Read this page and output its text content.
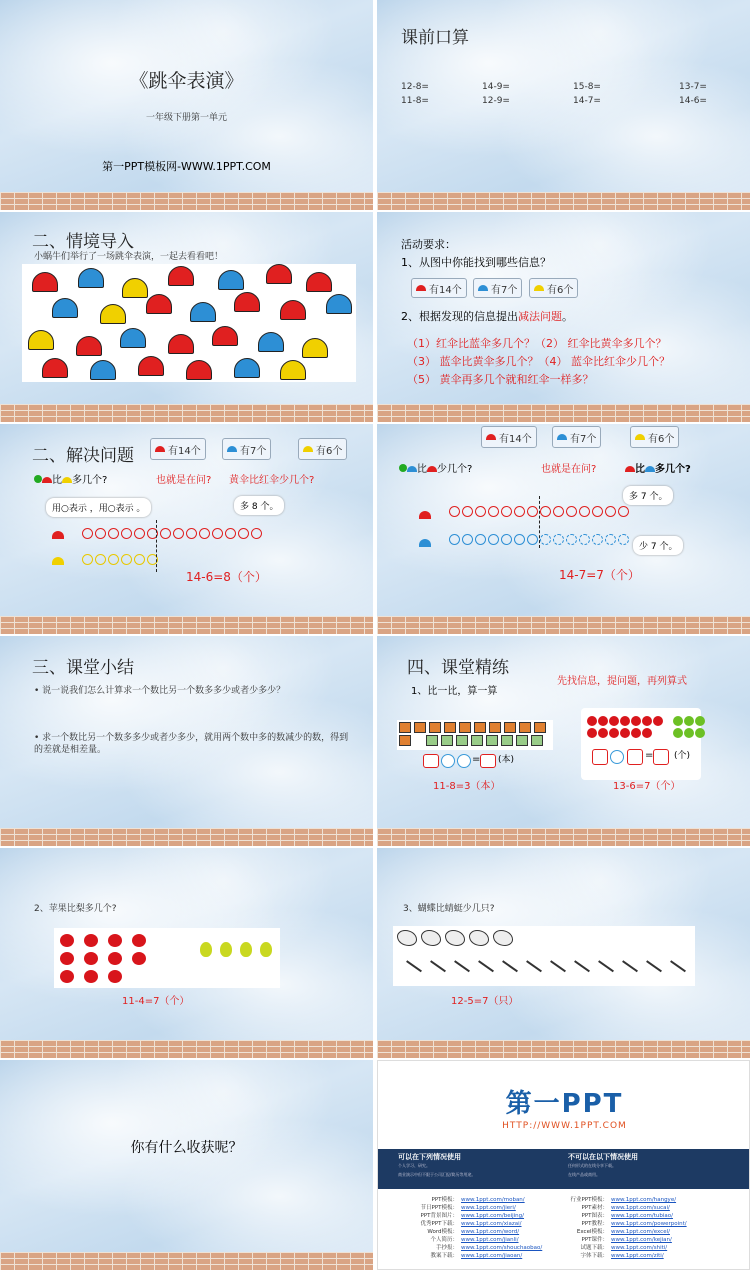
《跳伞表演》
一年级下册第一单元
第一PPT模板网-WWW.1PPT.COM
课前口算
12-8=	14-9=	15-8=	13-7=
11-8=	12-9=	14-7=	14-6=
二、情境导入
小蜗牛们举行了一场跳伞表演，一起去看看吧！
活动要求：
1、从图中你能找到哪些信息？
有14个	有7个	有6个
2、根据发现的信息提出减法问题。
（1）红伞比蓝伞多几个？（2） 红伞比黄伞多几个？
（3） 蓝伞比黄伞多几个？（4） 蓝伞比红伞少几个？
（5） 黄伞再多几个就和红伞一样多？
二、解决问题	有14个	有7个	有6个
比 多几个?	也就是在问? 黄伞比红伞少几个?
用○表示 ，用○表示 。	多 8 个。
14-6=8（个）
有14个	有7个	有6个
比 少几个?	也就是在问?	比 多几个?
多 7 个。
少 7 个。
14-7=7（个）
三、课堂小结
• 说一说我们怎么计算求一个数比另一个数多多少或者少多少？
• 求一个数比另一个数多多少或者少多少，就用两个数中多的数减少的数，得到的差就是相差量。
四、课堂精练
先找信息，提问题，再列算式
1、比一比，算一算
= (本)
11-8=3（本）
= (个)
13-6=7（个）
2、苹果比梨多几个?
11-4=7（个）
3、蝴蝶比蜻蜓少几只?
12-5=7（只）
你有什么收获呢？
第一PPT
HTTP://WWW.1PPT.COM
可以在下列情况使用
个人学习、研究。
商业演示中但不限于公司汇报/简历等用途。
不可以在以下情况使用
任何形式的在线分享下载。
在线产品或商用。
PPT模板： www.1ppt.com/moban/
节日PPT模板： www.1ppt.com/jieri/
PPT背景图片： www.1ppt.com/beijing/
优秀PPT下载： www.1ppt.com/xiazai/
Word模板： www.1ppt.com/word/
个人简历： www.1ppt.com/jianli/
手抄报： www.1ppt.com/shouchaobao/
教案下载： www.1ppt.com/jiaoan/
行业PPT模板： www.1ppt.com/hangye/
PPT素材： www.1ppt.com/sucai/
PPT图表： www.1ppt.com/tubiao/
PPT教程： www.1ppt.com/powerpoint/
Excel模板： www.1ppt.com/excel/
PPT课件： www.1ppt.com/kejian/
试题下载： www.1ppt.com/shiti/
字体下载： www.1ppt.com/ziti/
